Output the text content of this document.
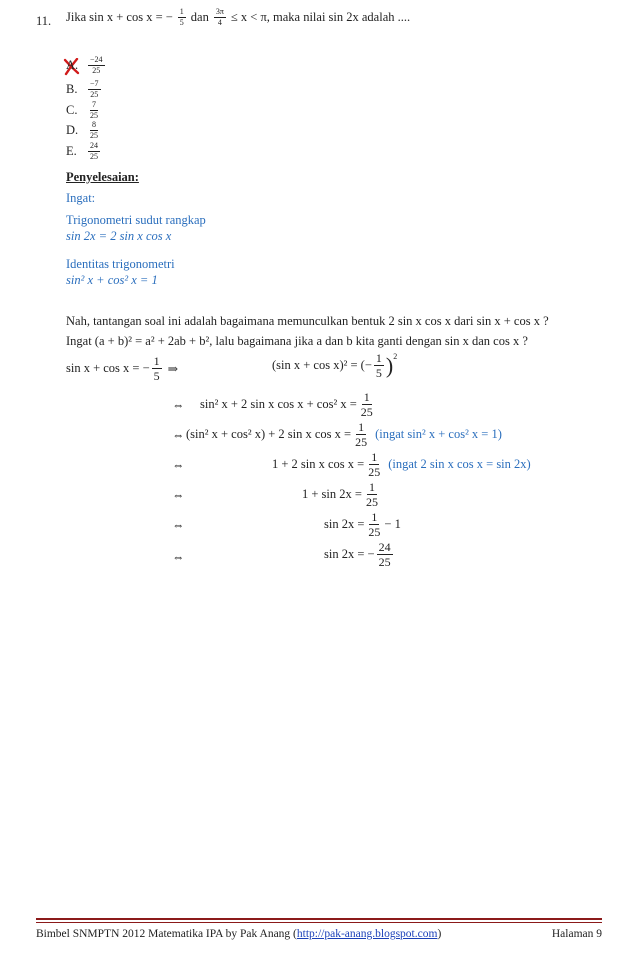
11. Jika sin x + cos x = − $\frac{1}{5}$ dan $\frac{3\pi}{4} \le x < \pi$, maka nilai sin 2x adalah ....
A. $\frac{-24}{25}$
B. $\frac{-7}{25}$
C. $\frac{7}{25}$
D. $\frac{8}{25}$
E. $\frac{24}{25}$
Penyelesaian:
Ingat:
Trigonometri sudut rangkap
sin 2x = 2 sin x cos x
Identitas trigonometri
sin² x + cos² x = 1
Nah, tantangan soal ini adalah bagaimana memunculkan bentuk 2 sin x cos x dari sin x + cos x ?
Ingat (a + b)² = a² + 2ab + b², lalu bagaimana jika a dan b kita ganti dengan sin x dan cos x ?
sin x + cos x = − $\frac{1}{5}$ ⇒	(sin x + cos x)² = (− $\frac{1}{5}$ ) 2
⇔ sin² x + 2 sin x cos x + cos² $x = \frac{1}{25}$
⇔ (sin² x + cos² x) + 2 sin x $\cos x = \frac{1}{25}$ (ingat sin² x + cos² x = 1)
⇔	1 + 2 sin x $\cos x = \frac{1}{25}$ (ingat 2 sin x cos x = sin 2x)
⇔	$1 + \sin 2x = \frac{1}{25}$
⇔	$\sin 2x = \frac{1}{25} - 1$
⇔	sin 2x = − $\frac{24}{25}$
Bimbel SNMPTN 2012 Matematika IPA by Pak Anang (http://pak-anang.blogspot.com)	Halaman 9
